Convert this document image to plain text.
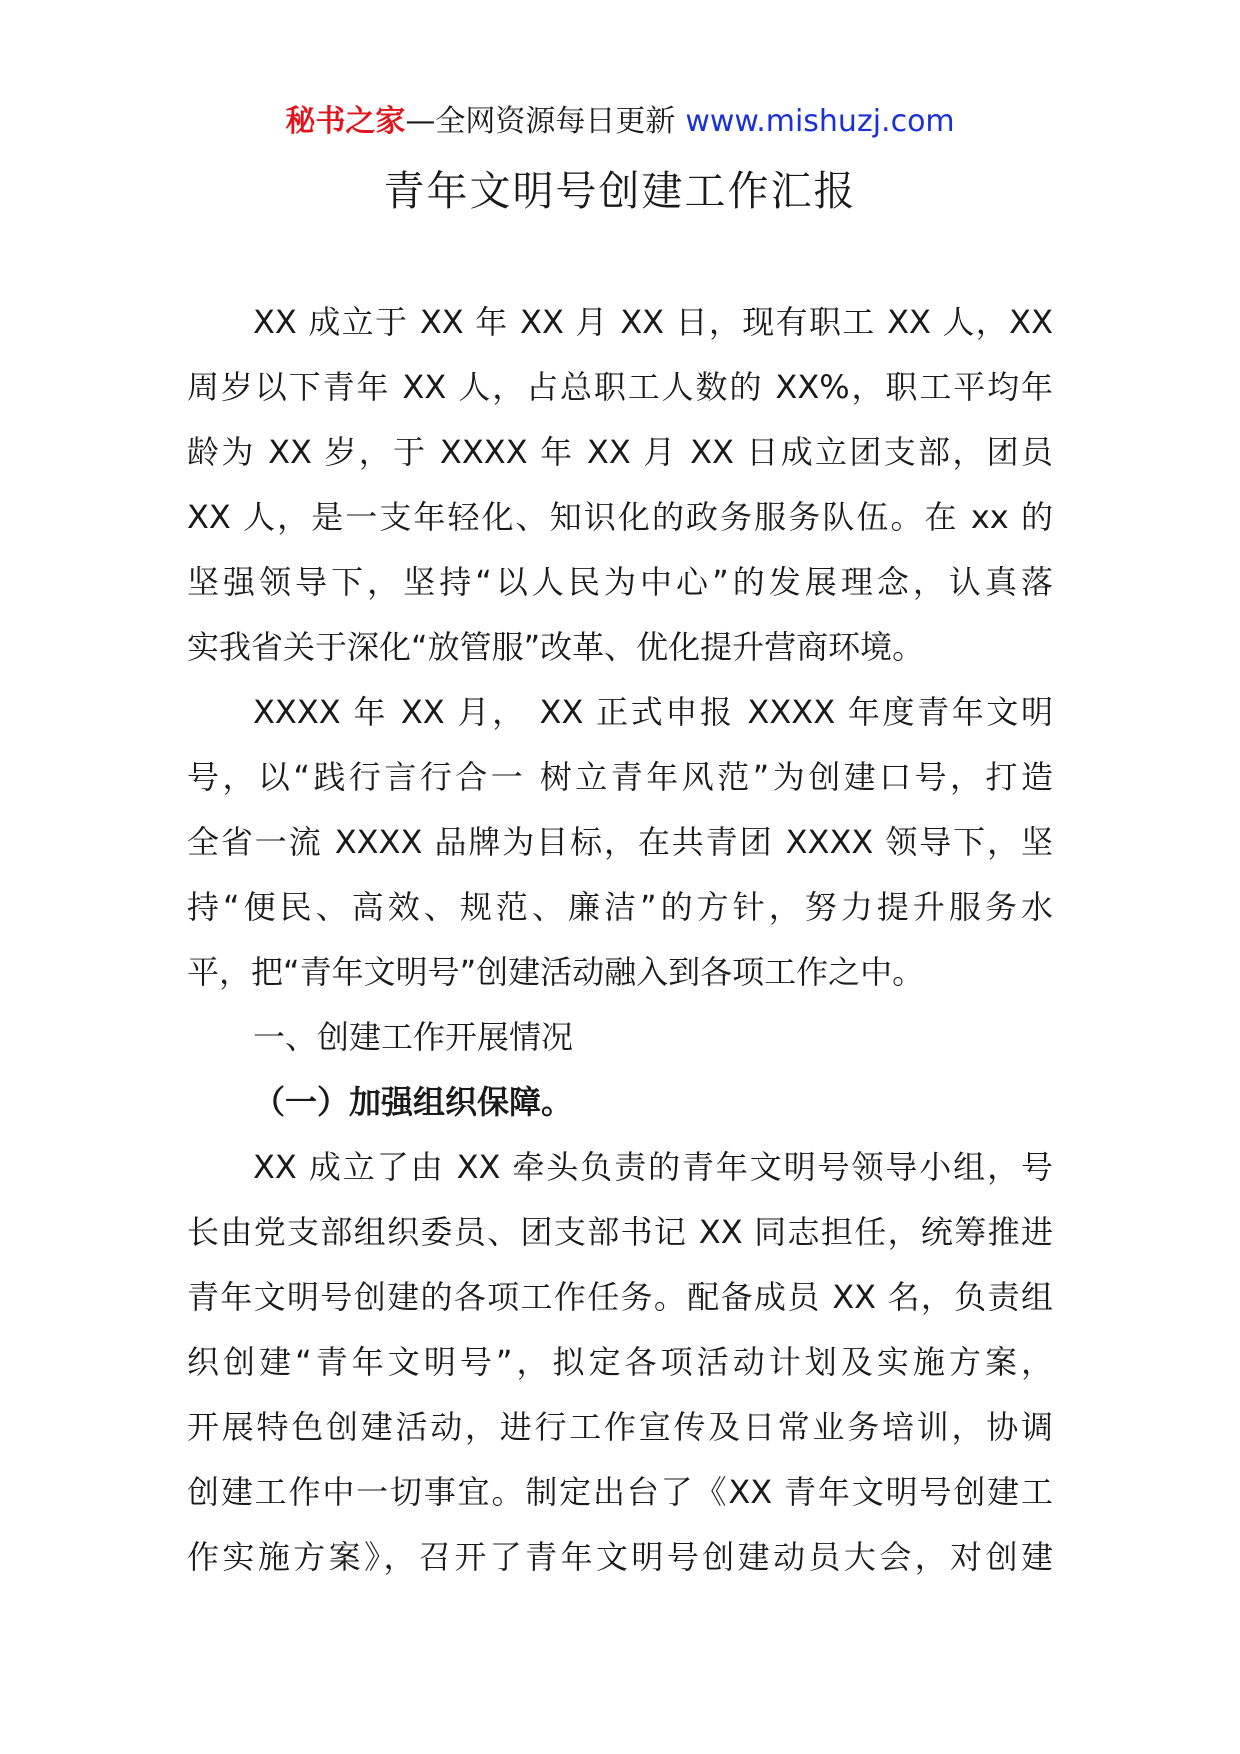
秘书之家—全网资源每日更新 www.mishuzj.com
青年文明号创建工作汇报
XX 成立于 XX 年 XX 月 XX 日，现有职工 XX 人，XX
周岁以下青年 XX 人，占总职工人数的 XX%，职工平均年
龄为 XX 岁，于 XXXX 年 XX 月 XX 日成立团支部，团员
XX 人，是一支年轻化、知识化的政务服务队伍。在 xx 的
坚强领导下，坚持“以人民为中心”的发展理念，认真落
实我省关于深化“放管服”改革、优化提升营商环境。
XXXX 年 XX 月， XX 正式申报 XXXX 年度青年文明
号，以“践行言行合一 树立青年风范”为创建口号，打造
全省一流 XXXX 品牌为目标，在共青团 XXXX 领导下，坚
持“便民、高效、规范、廉洁”的方针，努力提升服务水
平，把“青年文明号”创建活动融入到各项工作之中。
一、创建工作开展情况
（一）加强组织保障。
XX 成立了由 XX 牵头负责的青年文明号领导小组，号
长由党支部组织委员、团支部书记 XX 同志担任，统筹推进
青年文明号创建的各项工作任务。配备成员 XX 名，负责组
织创建“青年文明号”，拟定各项活动计划及实施方案，
开展特色创建活动，进行工作宣传及日常业务培训，协调
创建工作中一切事宜。制定出台了《XX 青年文明号创建工
作实施方案》，召开了青年文明号创建动员大会，对创建
